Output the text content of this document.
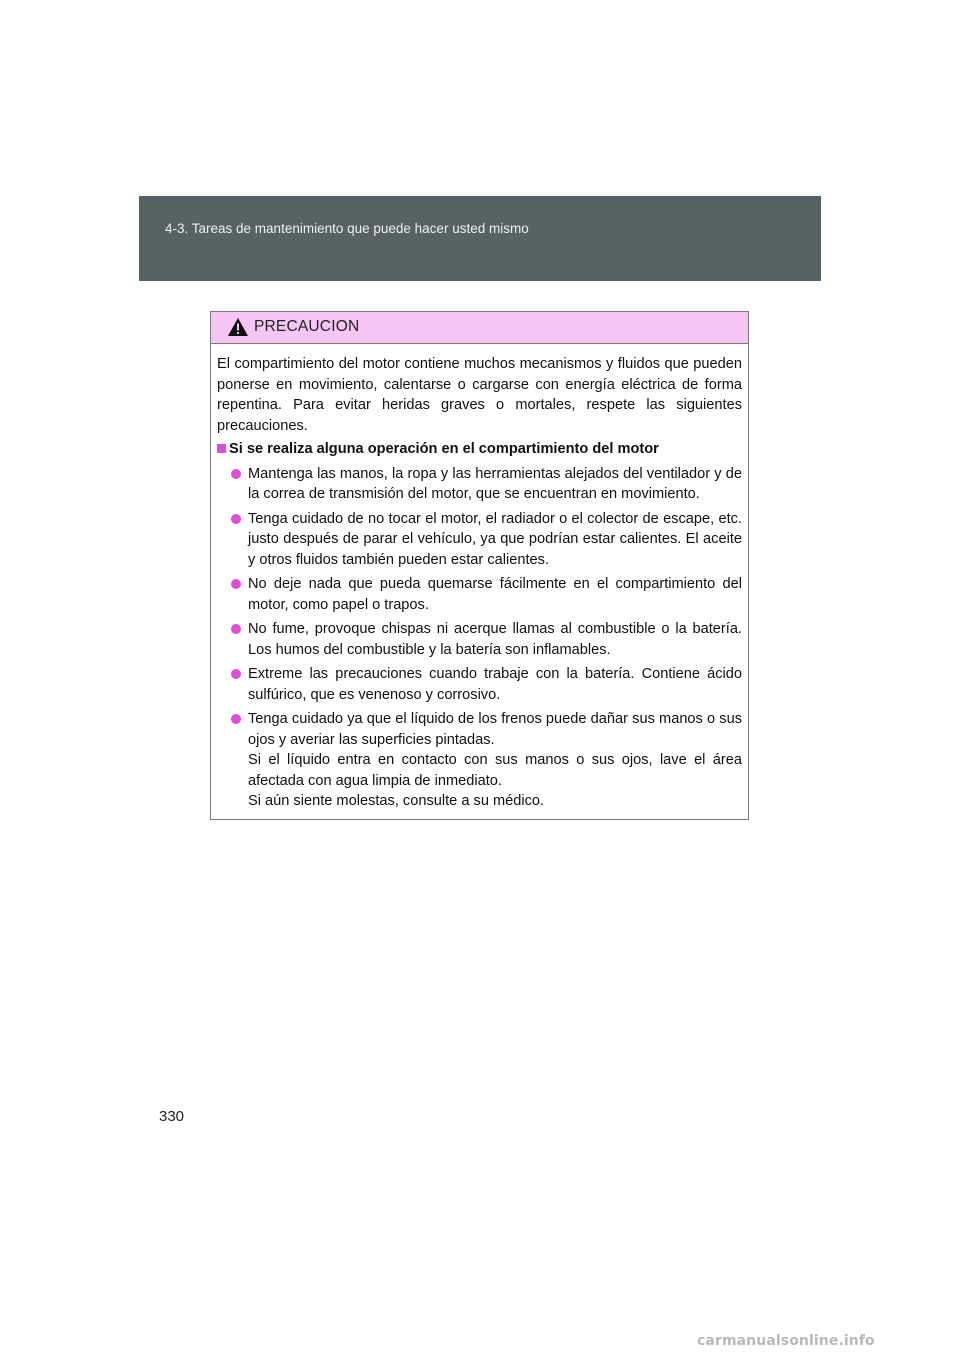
4-3. Tareas de mantenimiento que puede hacer usted mismo
PRECAUCION

El compartimiento del motor contiene muchos mecanismos y fluidos que pueden ponerse en movimiento, calentarse o cargarse con energía eléctrica de forma repentina. Para evitar heridas graves o mortales, respete las siguientes precauciones.

Si se realiza alguna operación en el compartimiento del motor

Mantenga las manos, la ropa y las herramientas alejados del ventilador y de la correa de transmisión del motor, que se encuentran en movimiento.
Tenga cuidado de no tocar el motor, el radiador o el colector de escape, etc. justo después de parar el vehículo, ya que podrían estar calientes. El aceite y otros fluidos también pueden estar calientes.
No deje nada que pueda quemarse fácilmente en el compartimiento del motor, como papel o trapos.
No fume, provoque chispas ni acerque llamas al combustible o la batería. Los humos del combustible y la batería son inflamables.
Extreme las precauciones cuando trabaje con la batería. Contiene ácido sulfúrico, que es venenoso y corrosivo.
Tenga cuidado ya que el líquido de los frenos puede dañar sus manos o sus ojos y averiar las superficies pintadas.
Si el líquido entra en contacto con sus manos o sus ojos, lave el área afectada con agua limpia de inmediato.
Si aún siente molestas, consulte a su médico.
330
carmanualsonline.info
